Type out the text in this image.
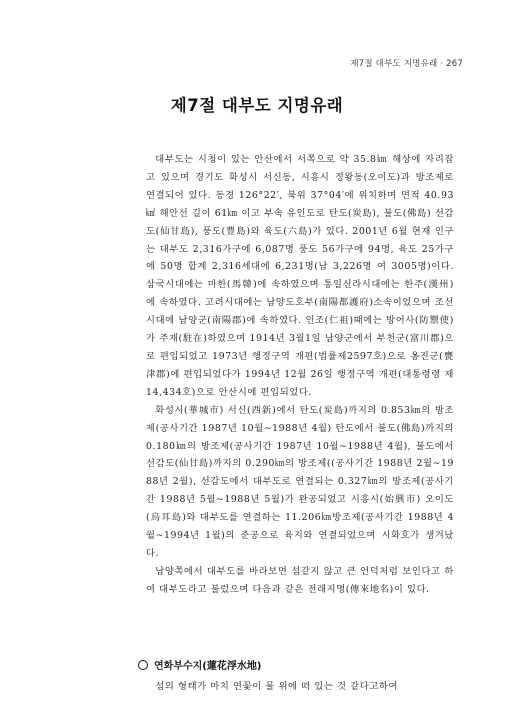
제7절 대부도 지명유래 · 267
제7절 대부도 지명유래

대부도는 시청이 있는 안산에서 서쪽으로 약 35.8㎞ 해상에 자리잡고 있으며 경기도 화성시 서신동, 시흥시 정왕동(오이도)과 방조제로 연결되어 있다. 동경 126°22′, 북위 37°04′에 위치하며 면적 40.93㎢ 해안선 길이 61㎞ 이고 부속 유인도로 탄도(炭島), 불도(佛島) 선감도(仙甘島), 풍도(豊島)와 육도(六島)가 있다. 2001년 6월 현재 인구는 대부도 2,316가구에 6,087명 풍도 56가구에 94명, 육도 25가구에 50명 합계 2,316세대에 6,231명(남 3,226명 여 3005명)이다. 삼국시대에는 마한(馬韓)에 속하였으며 통일신라시대에는 한주(漢州)에 속하였다. 고려시대에는 남양도호부(南陽都護府)소속이었으며 조선시대에 남양군(南陽郡)에 속하였다. 인조(仁祖)때에는 방어사(防禦使)가 주재(駐在)하였으며 1914년 3월1일 남양군에서 부천군(富川郡)으로 편입되었고 1973년 행정구역 개편(법률제2597호)으로 옹진군(甕津郡)에 편입되었다가 1994년 12월 26일 행정구역 개편(대통령령 제14,434호)으로 안산시에 편입되었다.

화성시(華城市) 서신(西新)에서 탄도(炭島)까지의 0.853㎞의 방조제(공사기간 1987년 10월∼1988년 4월) 탄도에서 불도(佛島)까지의 0.180㎞의 방조제(공사기간 1987년 10월∼1988년 4월), 불도에서 선감도(仙甘島)까지의 0.290㎞의 방조제((공사기간 1988년 2월∼1988년 2월), 선감도에서 대부도로 연결되는 0.327㎞의 방조제(공사기간 1988년 5월∼1988년 5월)가 완공되었고 시흥시(始興市) 오이도(烏耳島)와 대부도를 연결하는 11.206㎞방조제(공사기간 1988년 4월∼1994년 1월)의 준공으로 육지와 연결되었으며 시화호가 생겨났다.

남양쪽에서 대부도를 바라보면 섬같지 않고 큰 언덕처럼 보인다고 하여 대부도라고 불렀으며 다음과 같은 전래지명(傳來地名)이 있다.

연화부수지(蓮花浮水地)

섬의 형태가 마치 연꽃이 물 위에 떠 있는 것 같다고하여
